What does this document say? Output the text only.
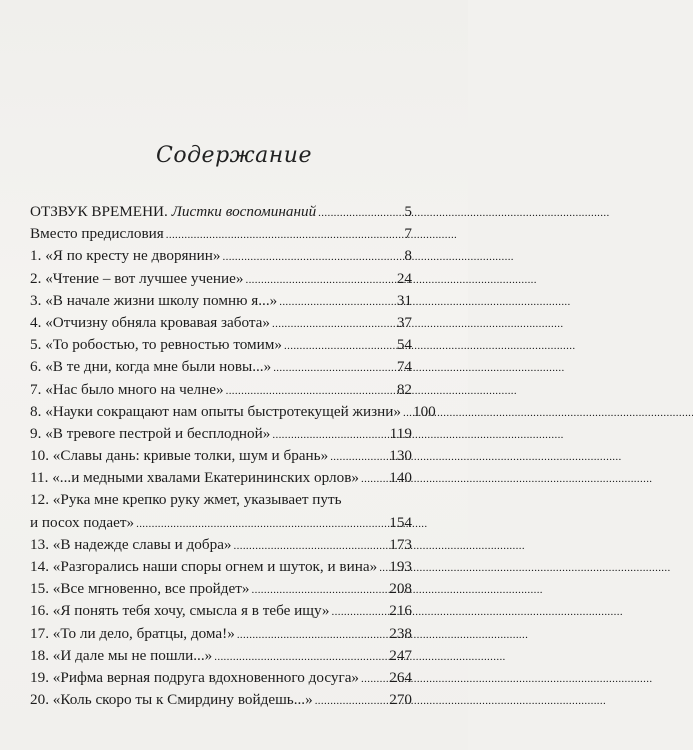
Содержание
ОТЗВУК ВРЕМЕНИ. Листки воспоминаний . . .	5
Вместо предисловия . . .	7
1. «Я по кресту не дворянин» . . .	8
2. «Чтение – вот лучшее учение» . . .	24
3. «В начале жизни школу помню я...» . . .	31
4. «Отчизну обняла кровавая забота» . . .	37
5. «То робостью, то ревностью томим» . . .	54
6. «В те дни, когда мне были новы...» . . .	74
7. «Нас было много на челне» . . .	82
8. «Науки сокращают нам опыты быстротекущей жизни» . . . 100
9. «В тревоге пестрой и бесплодной» . . .	119
10. «Славы дань: кривые толки, шум и брань» . . .	130
11. «...и медными хвалами Екатерининских орлов» . . . 140
12. «Рука мне крепко руку жмет, указывает путь
и посох подает» . . .	154
13. «В надежде славы и добра» . . .	173
14. «Разгорались наши споры огнем и шуток, и вина» . . . 193
15. «Все мгновенно, все пройдет» . . .	208
16. «Я понять тебя хочу, смысла я в тебе ищу» . . .	216
17. «То ли дело, братцы, дома!» . . .	238
18. «И дале мы не пошли...» . . .	247
19. «Рифма верная подруга вдохновенного досуга» . . . 264
20. «Коль скоро ты к Смирдину войдешь...» . . .	270
